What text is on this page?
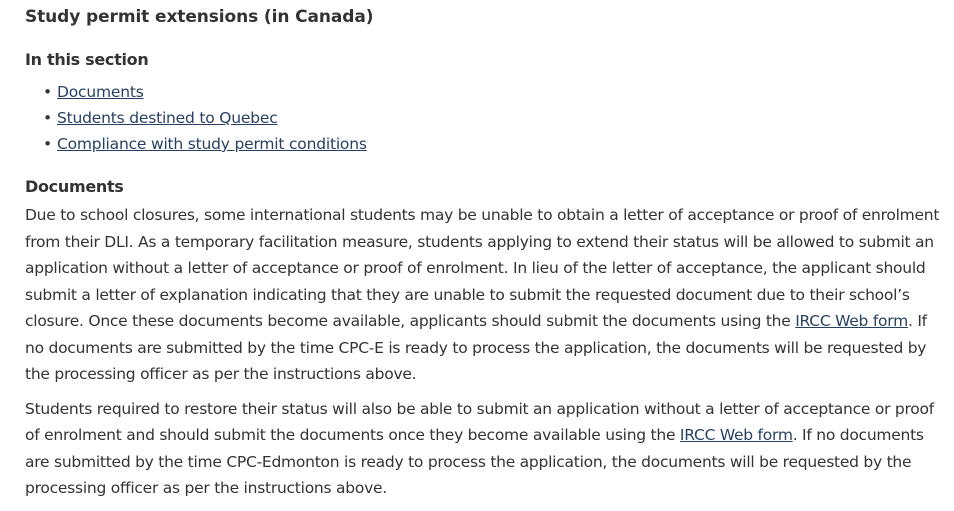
Study permit extensions (in Canada)
In this section
• Documents
• Students destined to Quebec
• Compliance with study permit conditions
Documents

Due to school closures, some international students may be unable to obtain a letter of acceptance or proof of enrolment from their DLI. As a temporary facilitation measure, students applying to extend their status will be allowed to submit an application without a letter of acceptance or proof of enrolment. In lieu of the letter of acceptance, the applicant should submit a letter of explanation indicating that they are unable to submit the requested document due to their school’s closure. Once these documents become available, applicants should submit the documents using the IRCC Web form. If no documents are submitted by the time CPC-E is ready to process the application, the documents will be requested by the processing officer as per the instructions above.

Students required to restore their status will also be able to submit an application without a letter of acceptance or proof of enrolment and should submit the documents once they become available using the IRCC Web form. If no documents are submitted by the time CPC-Edmonton is ready to process the application, the documents will be requested by the processing officer as per the instructions above.
